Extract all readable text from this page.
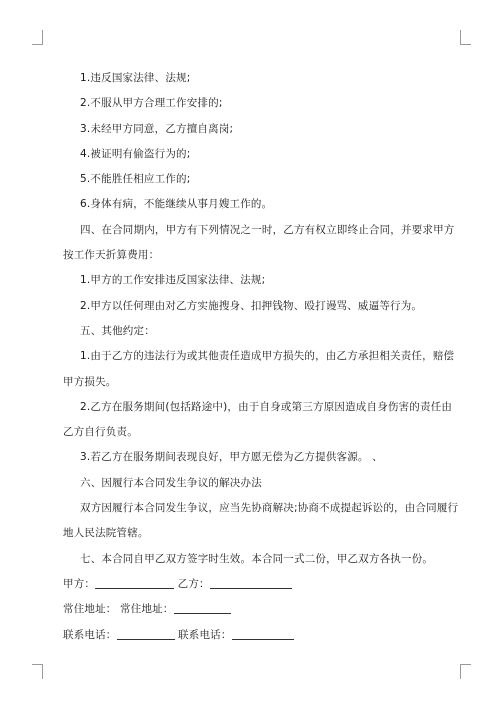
1.违反国家法律、法规;
2.不服从甲方合理工作安排的;
3.未经甲方同意，乙方擅自离岗;
4.被证明有偷盗行为的;
5.不能胜任相应工作的;
6.身体有病，不能继续从事月嫂工作的。
四、在合同期内，甲方有下列情况之一时，乙方有权立即终止合同，并要求甲方
按工作天折算费用：
1.甲方的工作安排违反国家法律、法规;
2.甲方以任何理由对乙方实施搜身、扣押钱物、殴打谩骂、威逼等行为。
五、其他约定：
1.由于乙方的违法行为或其他责任造成甲方损失的，由乙方承担相关责任，赔偿
甲方损失。
2.乙方在服务期间(包括路途中)，由于自身或第三方原因造成自身伤害的责任由
乙方自行负责。
3.若乙方在服务期间表现良好，甲方愿无偿为乙方提供客源。 、
六、因履行本合同发生争议的解决办法
双方因履行本合同发生争议，应当先协商解决;协商不成提起诉讼的，由合同履行
地人民法院管辖。
七、本合同自甲乙双方签字时生效。本合同一式二份，甲乙双方各执一份。
甲方：	乙方：
常住地址： 常住地址：
联系电话：	联系电话：
